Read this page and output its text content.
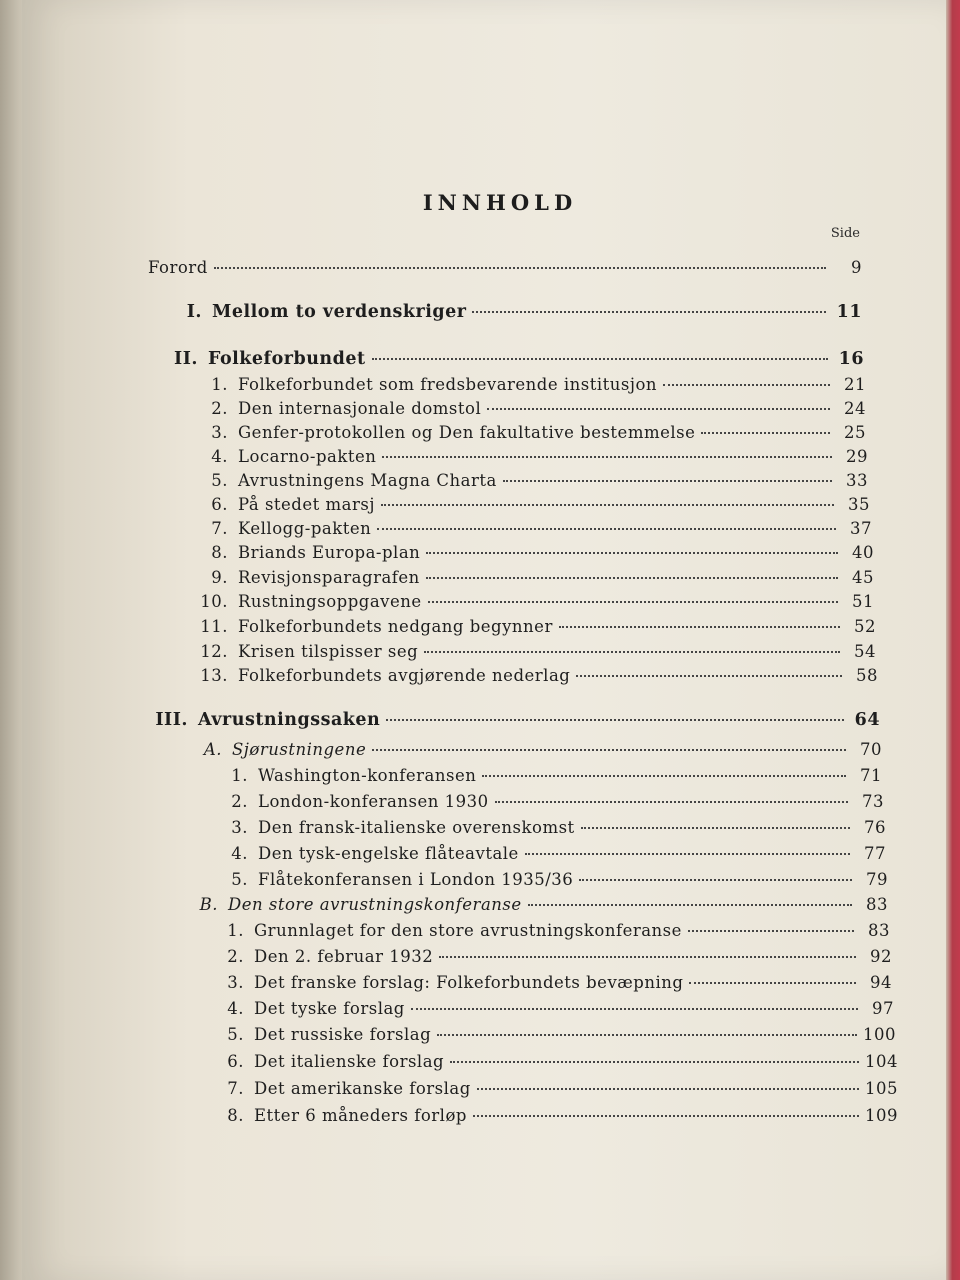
INNHOLD
Side
Forord	9
I. Mellom to verdenskriger	11
II. Folkeforbundet	16
1. Folkeforbundet som fredsbevarende institusjon	21
2. Den internasjonale domstol	24
3. Genfer-protokollen og Den fakultative bestemmelse	25
4. Locarno-pakten	29
5. Avrustningens Magna Charta	33
6. På stedet marsj	35
7. Kellogg-pakten	37
8. Briands Europa-plan	40
9. Revisjonsparagrafen	45
10. Rustningsoppgavene	51
11. Folkeforbundets nedgang begynner	52
12. Krisen tilspisser seg	54
13. Folkeforbundets avgjørende nederlag	58
III. Avrustningssaken	64
A. Sjørustningene	70
1. Washington-konferansen	71
2. London-konferansen 1930	73
3. Den fransk-italienske overenskomst	76
4. Den tysk-engelske flåteavtale	77
5. Flåtekonferansen i London 1935/36	79
B. Den store avrustningskonferanse	83
1. Grunnlaget for den store avrustningskonferanse	83
2. Den 2. februar 1932	92
3. Det franske forslag: Folkeforbundets bevæpning	94
4. Det tyske forslag	97
5. Det russiske forslag	100
6. Det italienske forslag	104
7. Det amerikanske forslag	105
8. Etter 6 måneders forløp	109
